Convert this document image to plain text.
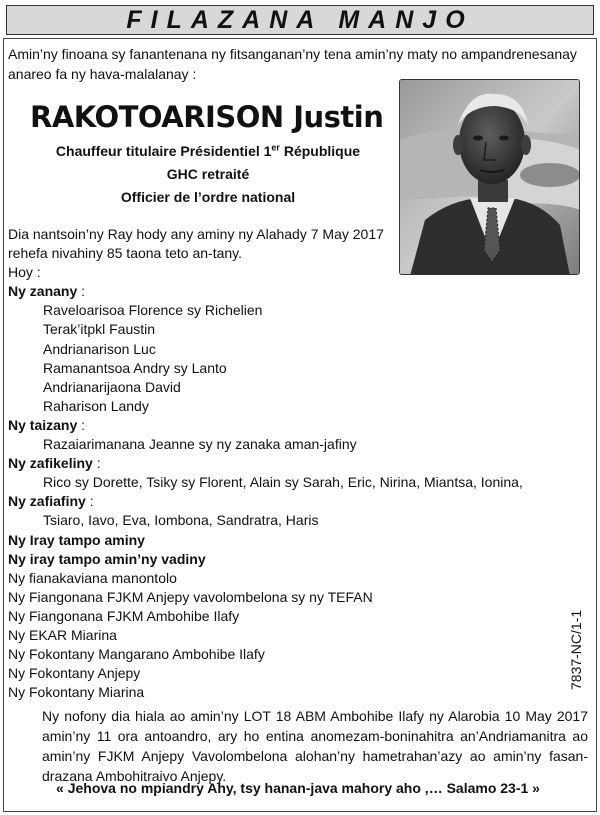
FILAZANA MANJO
Amin’ny finoana sy fanantenana ny fitsanganan’ny tena amin’ny maty no ampandrenesanay anareo fa ny hava-malalanay :
RAKOTOARISON Justin
Chauffeur titulaire Présidentiel 1er République
GHC retraité
Officier de l’ordre national
Dia nantsoin’ny Ray hody any aminy ny Alahady 7 May 2017
rehefa nivahiny 85 taona teto an-tany.
Hoy :
Ny zanany :
Raveloarisoa Florence sy Richelien
Terak’itpkl Faustin
Andrianarison Luc
Ramanantsoa Andry sy Lanto
Andrianarijaona David
Raharison Landy
Ny taizany :
Razaiarimanana Jeanne sy ny zanaka aman-jafiny
Ny zafikeliny :
Rico sy Dorette, Tsiky sy Florent, Alain sy Sarah, Eric, Nirina, Miantsa, Ionina,
Ny zafiafiny :
Tsiaro, Iavo, Eva, Iombona, Sandratra, Haris
Ny Iray tampo aminy
Ny iray tampo amin’ny vadiny
Ny fianakaviana manontolo
Ny Fiangonana FJKM Anjepy vavolombelona sy ny TEFAN
Ny Fiangonana FJKM Ambohibe Ilafy
Ny EKAR Miarina
Ny Fokontany Mangarano Ambohibe Ilafy
Ny Fokontany Anjepy
Ny Fokontany Miarina
7837-NC/1-1
Ny nofony dia hiala ao amin’ny LOT 18 ABM Ambohibe Ilafy ny Alarobia 10 May 2017 amin’ny 11 ora antoandro, ary ho entina anomezam-boninahitra an’Andriamanitra ao amin’ny FJKM Anjepy Vavolombelona alohan’ny hametrahan’azy ao amin’ny fasan-drazana Ambohitraivo Anjepy.
« Jehova no mpiandry Ahy, tsy hanan-java mahory aho ,… Salamo 23-1 »
